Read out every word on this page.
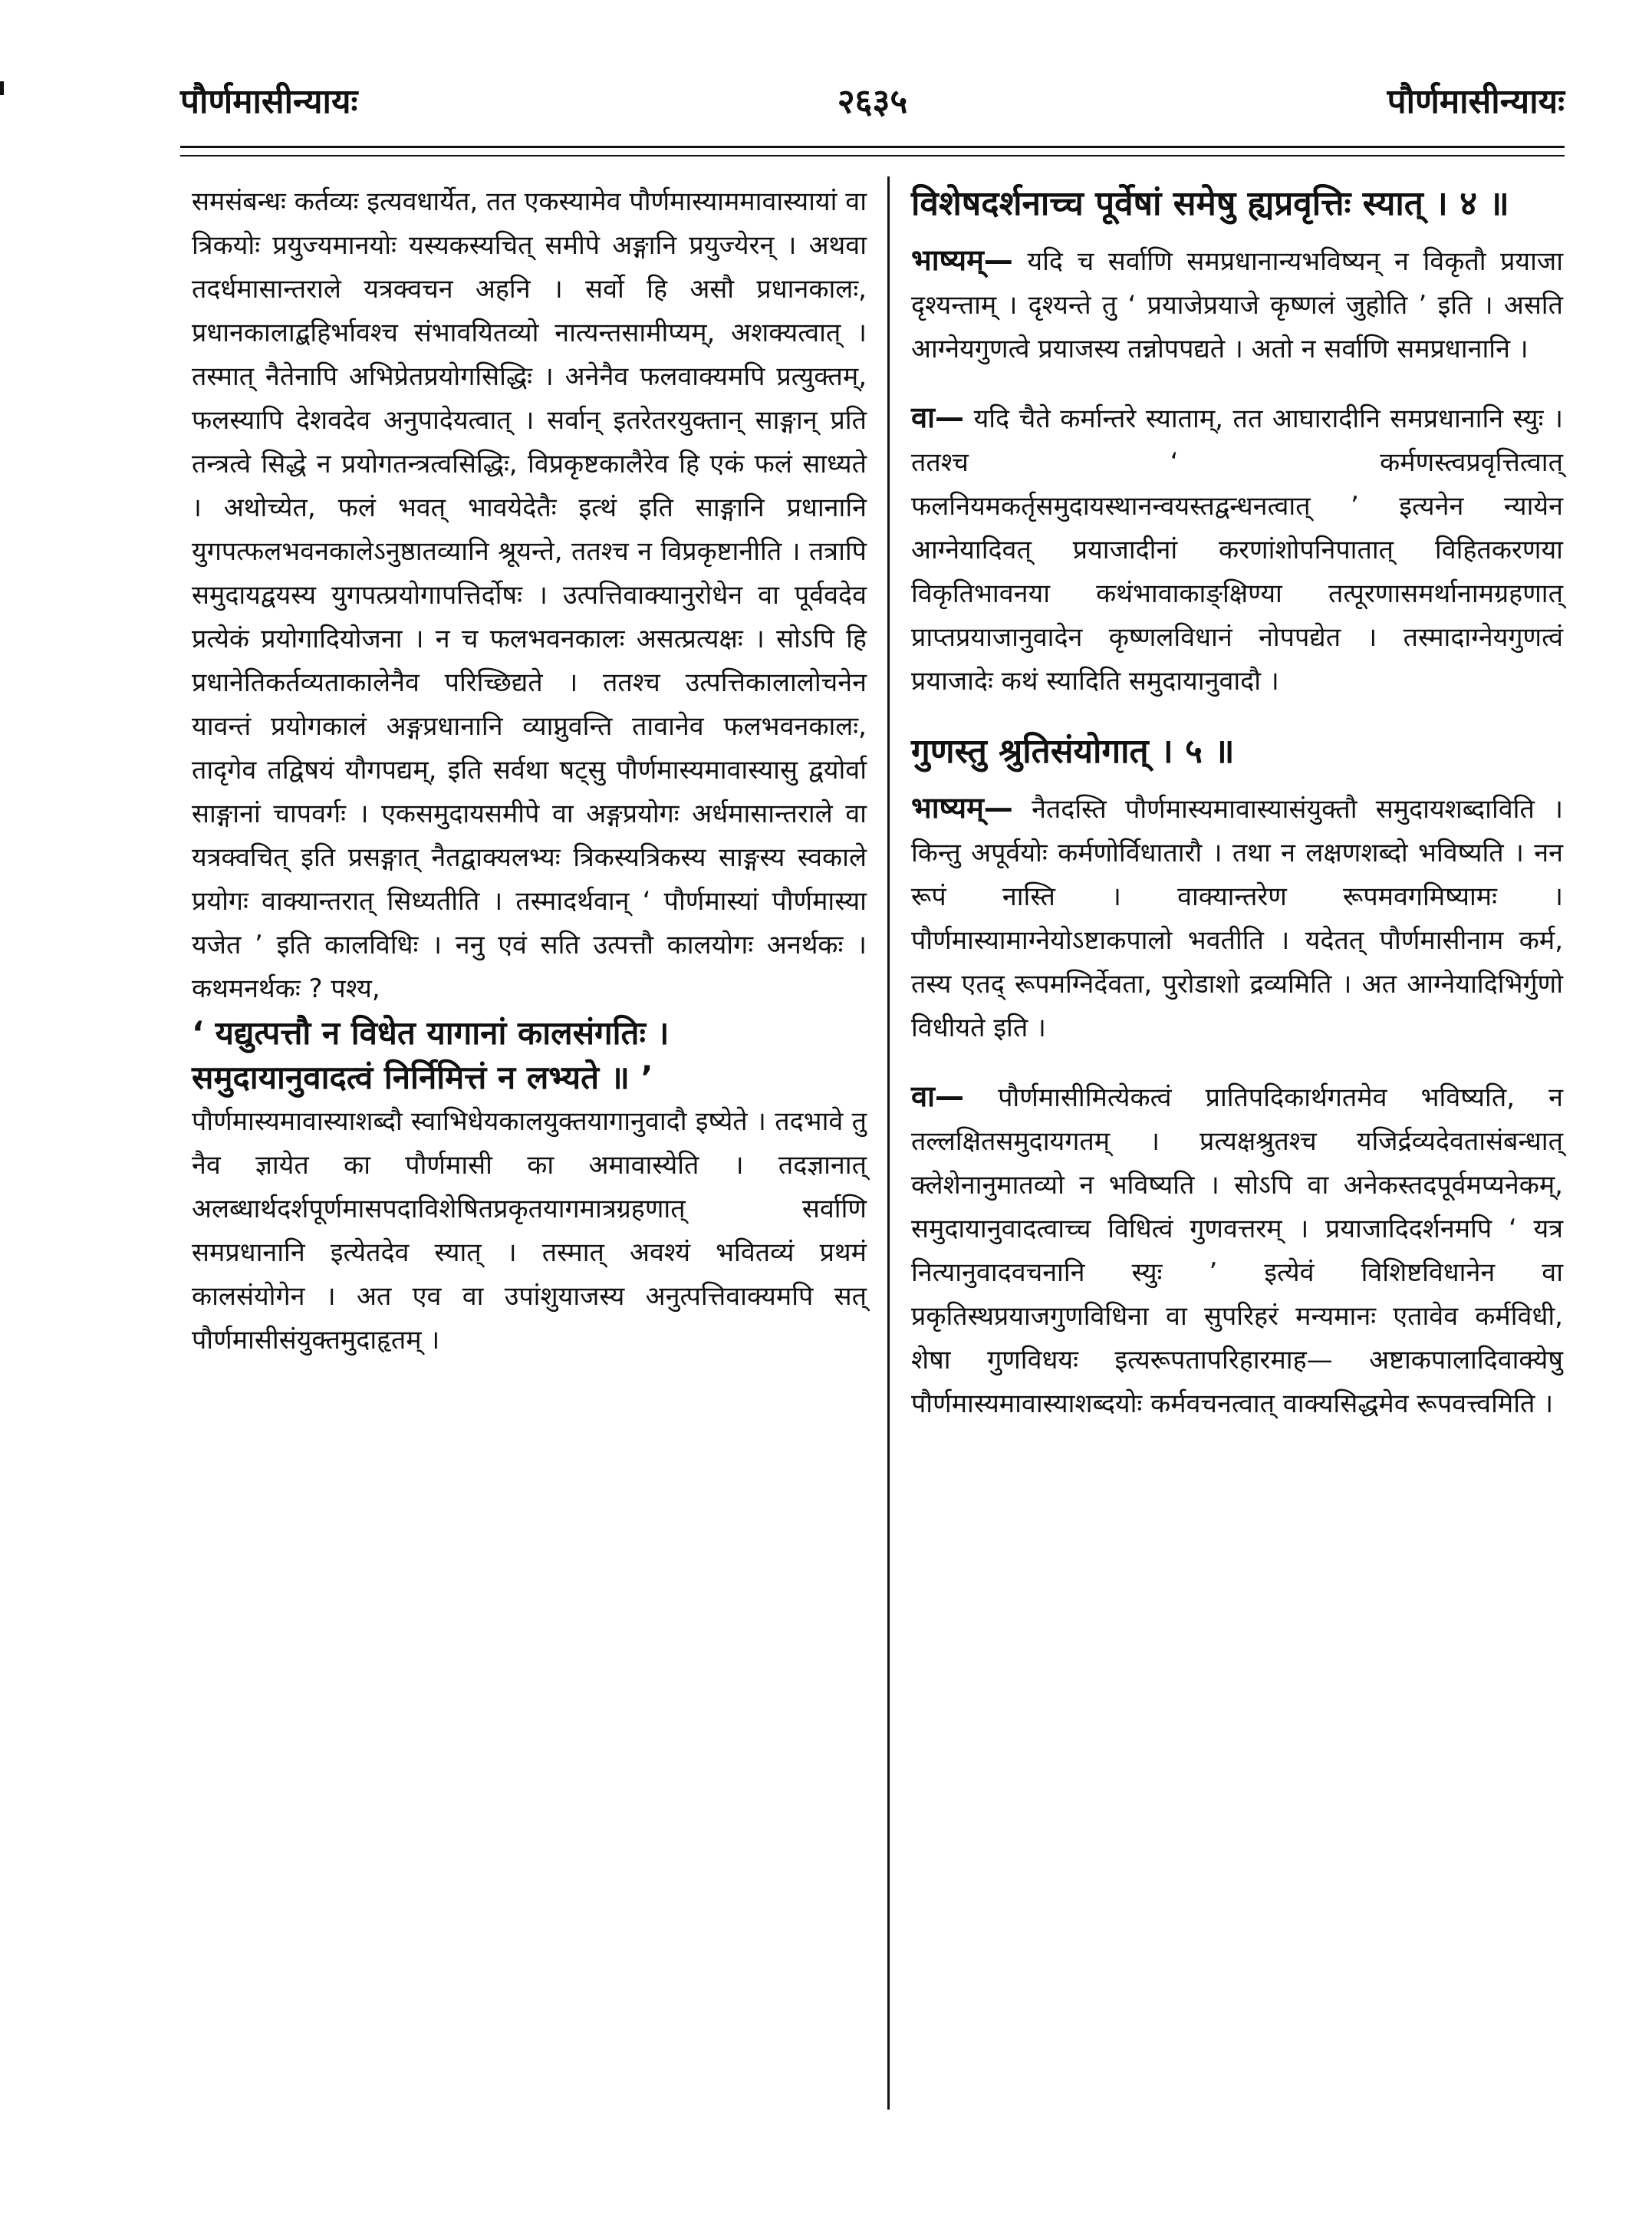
२६३५
पौर्णमासीन्यायः	पौर्णमासीन्यायः

समसंबन्धः कर्तव्यः इत्यवधार्येत, तत एकस्यामेव पौर्णमास्याममावास्यायां वा त्रिकयोः प्रयुज्यमानयोः यस्यकस्यचित् समीपे अङ्गानि प्रयुज्येरन् । अथवा तदर्धमासान्तराले यत्रक्वचन अहनि । सर्वो हि असौ प्रधानकालः, प्रधानकालाद्बहिर्भावश्च संभावयितव्यो नात्यन्तसामीप्यम्, अशक्यत्वात् । तस्मात् नैतेनापि अभिप्रेतप्रयोगसिद्धिः । अनेनैव फलवाक्यमपि प्रत्युक्तम्, फलस्यापि देशवदेव अनुपादेयत्वात् । सर्वान् इतरेतरयुक्तान् साङ्गान् प्रति तन्त्रत्वे सिद्धे न प्रयोगतन्त्रत्वसिद्धिः, विप्रकृष्टकालैरेव हि एकं फलं साध्यते । अथोच्येत, फलं भवत् भावयेदेतैः इत्थं इति साङ्गानि प्रधानानि युगपत्फलभवनकालेऽनुष्ठातव्यानि श्रूयन्ते, ततश्च न विप्रकृष्टानीति । तत्रापि समुदायद्वयस्य युगपत्प्रयोगापत्तिर्दोषः । उत्पत्तिवाक्यानुरोधेन वा पूर्ववदेव प्रत्येकं प्रयोगादियोजना । न च फलभवनकालः असत्प्रत्यक्षः । सोऽपि हि प्रधानेतिकर्तव्यताकालेनैव परिच्छिद्यते । ततश्च उत्पत्तिकालालोचनेन यावन्तं प्रयोगकालं अङ्गप्रधानानि व्याप्नुवन्ति तावानेव फलभवनकालः, तादृगेव तद्विषयं यौगपद्यम्, इति सर्वथा षट्सु पौर्णमास्यमावास्यासु द्वयोर्वा साङ्गानां चापवर्गः । एकसमुदायसमीपे वा अङ्गप्रयोगः अर्धमासान्तराले वा यत्रक्वचित् इति प्रसङ्गात् नैतद्वाक्यलभ्यः त्रिकस्यत्रिकस्य साङ्गस्य स्वकाले प्रयोगः वाक्यान्तरात् सिध्यतीति । तस्मादर्थवान् ‘ पौर्णमास्यां पौर्णमास्या यजेत ’ इति कालविधिः । ननु एवं सति उत्पत्तौ कालयोगः अनर्थकः । कथमनर्थकः ? पश्य,

‘ यद्युत्पत्तौ न विधेत यागानां कालसंगतिः ।
समुदायानुवादत्वं निर्निमित्तं न लभ्यते ॥ ’

पौर्णमास्यमावास्याशब्दौ स्वाभिधेयकालयुक्तयागानुवादौ इष्येते । तदभावे तु नैव ज्ञायेत का पौर्णमासी का अमावास्येति । तदज्ञानात् अलब्धार्थदर्शपूर्णमासपदाविशेषितप्रकृतयागमात्रग्रहणात् सर्वाणि समप्रधानानि इत्येतदेव स्यात् । तस्मात् अवश्यं भवितव्यं प्रथमं कालसंयोगेन । अत एव वा उपांशुयाजस्य अनुत्पत्तिवाक्यमपि सत् पौर्णमासीसंयुक्तमुदाहृतम् ।

विशेषदर्शनाच्च पूर्वेषां समेषु ह्यप्रवृत्तिः स्यात् । ४ ॥

भाष्यम्— यदि च सर्वाणि समप्रधानान्यभविष्यन् न विकृतौ प्रयाजा दृश्यन्ताम् । दृश्यन्ते तु ‘ प्रयाजेप्रयाजे कृष्णलं जुहोति ’ इति । असति आग्नेयगुणत्वे प्रयाजस्य तन्नोपपद्यते । अतो न सर्वाणि समप्रधानानि ।

वा— यदि चैते कर्मान्तरे स्याताम्, तत आघारादीनि समप्रधानानि स्युः । ततश्च ‘ कर्मणस्त्वप्रवृत्तित्वात् फलनियमकर्तृसमुदायस्थानन्वयस्तद्वन्धनत्वात् ’ इत्यनेन न्यायेन आग्नेयादिवत् प्रयाजादीनां करणांशोपनिपातात् विहितकरणया विकृतिभावनया कथंभावाकाङ्क्षिण्या तत्पूरणासमर्थानामग्रहणात् प्राप्तप्रयाजानुवादेन कृष्णलविधानं नोपपद्येत । तस्मादाग्नेयगुणत्वं प्रयाजादेः कथं स्यादिति समुदायानुवादौ ।

गुणस्तु श्रुतिसंयोगात् । ५ ॥

भाष्यम्— नैतदस्ति पौर्णमास्यमावास्यासंयुक्तौ समुदायशब्दाविति । किन्तु अपूर्वयोः कर्मणोर्विधातारौ । तथा न लक्षणशब्दो भविष्यति । नन रूपं नास्ति । वाक्यान्तरेण रूपमवगमिष्यामः । पौर्णमास्यामाग्नेयोऽष्टाकपालो भवतीति । यदेतत् पौर्णमासीनाम कर्म, तस्य एतद् रूपमग्निर्देवता, पुरोडाशो द्रव्यमिति । अत आग्नेयादिभिर्गुणो विधीयते इति ।

वा— पौर्णमासीमित्येकत्वं प्रातिपदिकार्थगतमेव भविष्यति, न तल्लक्षितसमुदायगतम् । प्रत्यक्षश्रुतश्च यजिर्द्रव्यदेवतासंबन्धात् क्लेशेनानुमातव्यो न भविष्यति । सोऽपि वा अनेकस्तदपूर्वमप्यनेकम्, समुदायानुवादत्वाच्च विधित्वं गुणवत्तरम् । प्रयाजादिदर्शनमपि ‘ यत्र नित्यानुवादवचनानि स्युः ’ इत्येवं विशिष्टविधानेन वा प्रकृतिस्थप्रयाजगुणविधिना वा सुपरिहरं मन्यमानः एतावेव कर्मविधी, शेषा गुणविधयः इत्यरूपतापरिहारमाह— अष्टाकपालादिवाक्येषु पौर्णमास्यमावास्याशब्दयोः कर्मवचनत्वात् वाक्यसिद्धमेव रूपवत्त्वमिति ।
